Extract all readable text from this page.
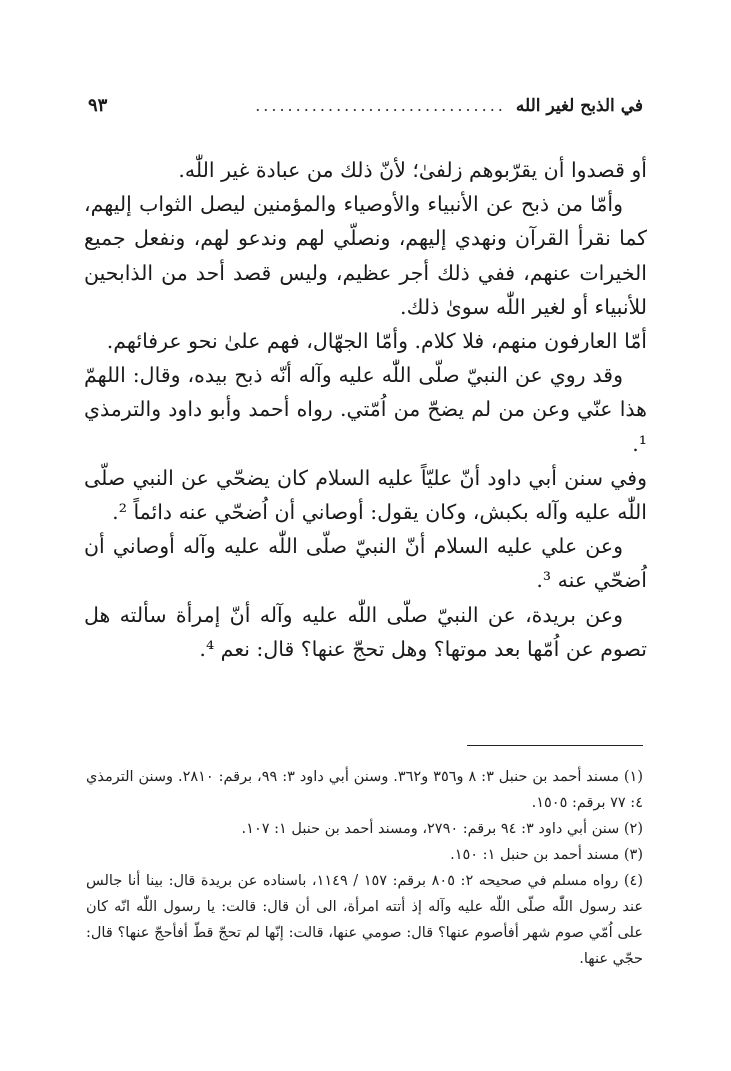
في الذبح لغير الله
...............................
٩٣

أو قصدوا أن يقرّبوهم زلفىٰ؛ لأنّ ذلك من عبادة غير اللّٰه.

وأمّا من ذبح عن الأنبياء والأوصياء والمؤمنين ليصل الثواب إليهم، كما نقرأ القرآن ونهدي إليهم، ونصلّي لهم وندعو لهم، ونفعل جميع الخيرات عنهم، ففي ذلك أجر عظيم، وليس قصد أحد من الذابحين للأنبياء أو لغير اللّٰه سوىٰ ذلك.

أمّا العارفون منهم، فلا كلام. وأمّا الجهّال، فهم علىٰ نحو عرفائهم.

وقد روي عن النبيّ صلّى اللّٰه عليه وآله أنّه ذبح بيده، وقال: اللهمّ هذا عنّي وعن من لم يضحّ من اُمّتي. رواه أحمد وأبو داود والترمذي ¹.

وفي سنن أبي داود أنّ عليّاً عليه السلام كان يضحّي عن النبي صلّى اللّٰه عليه وآله بكبش، وكان يقول: أوصاني أن اُضحّي عنه دائماً ².

وعن علي عليه السلام أنّ النبيّ صلّى اللّٰه عليه وآله أوصاني أن اُضحّي عنه ³.

وعن بريدة، عن النبيّ صلّى اللّٰه عليه وآله أنّ إمرأة سألته هل تصوم عن اُمّها بعد موتها؟ وهل تحجّ عنها؟ قال: نعم ⁴.

(١) مسند أحمد بن حنبل ٣: ٨ و٣٥٦ و٣٦٢. وسنن أبي داود ٣: ٩٩، برقم: ٢٨١٠. وسنن الترمذي ٤: ٧٧ برقم: ١٥٠٥.

(٢) سنن أبي داود ٣: ٩٤ برقم: ٢٧٩٠، ومسند أحمد بن حنبل ١: ١٠٧.

(٣) مسند أحمد بن حنبل ١: ١٥٠.

(٤) رواه مسلم في صحيحه ٢: ٨٠٥ برقم: ١٥٧ / ١١٤٩، باسناده عن بريدة قال: بينا أنا جالس عند رسول اللّٰه صلّى اللّٰه عليه وآله إذ أتته امرأة، الى أن قال: قالت: يا رسول اللّٰه انّه كان على اُمّي صوم شهر أفأصوم عنها؟ قال: صومي عنها، قالت: إنّها لم تحجّ قطّ أفأحجّ عنها؟ قال: حجّي عنها.
